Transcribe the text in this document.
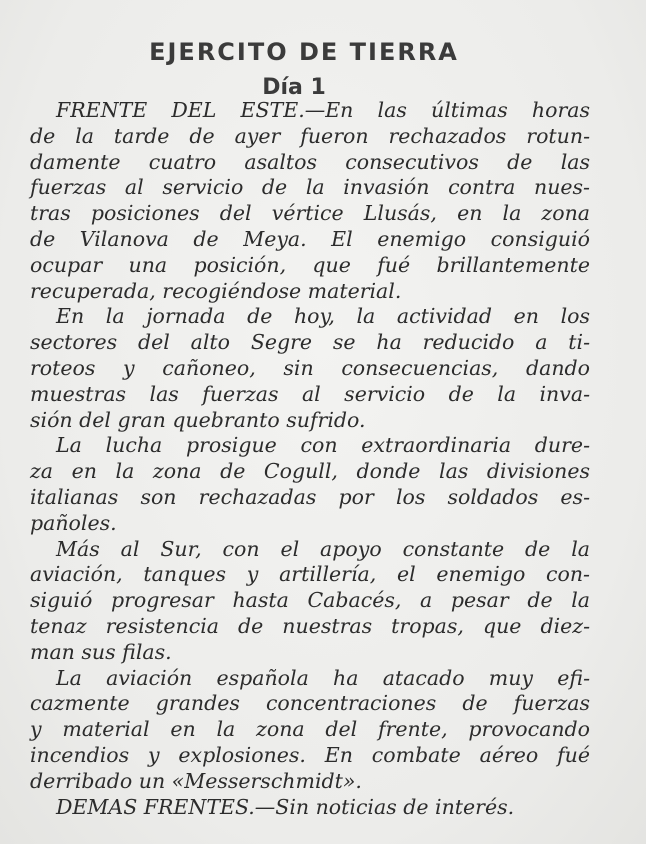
EJERCITO DE TIERRA
Día 1
FRENTE DEL ESTE.—En las últimas horas
de la tarde de ayer fueron rechazados rotun-
damente cuatro asaltos consecutivos de las
fuerzas al servicio de la invasión contra nues-
tras posiciones del vértice Llusás, en la zona
de Vilanova de Meya. El enemigo consiguió
ocupar una posición, que fué brillantemente
recuperada, recogiéndose material.
En la jornada de hoy, la actividad en los
sectores del alto Segre se ha reducido a ti-
roteos y cañoneo, sin consecuencias, dando
muestras las fuerzas al servicio de la inva-
sión del gran quebranto sufrido.
La lucha prosigue con extraordinaria dure-
za en la zona de Cogull, donde las divisiones
italianas son rechazadas por los soldados es-
pañoles.
Más al Sur, con el apoyo constante de la
aviación, tanques y artillería, el enemigo con-
siguió progresar hasta Cabacés, a pesar de la
tenaz resistencia de nuestras tropas, que diez-
man sus filas.
La aviación española ha atacado muy efi-
cazmente grandes concentraciones de fuerzas
y material en la zona del frente, provocando
incendios y explosiones. En combate aéreo fué
derribado un «Messerschmidt».
DEMAS FRENTES.—Sin noticias de interés.
